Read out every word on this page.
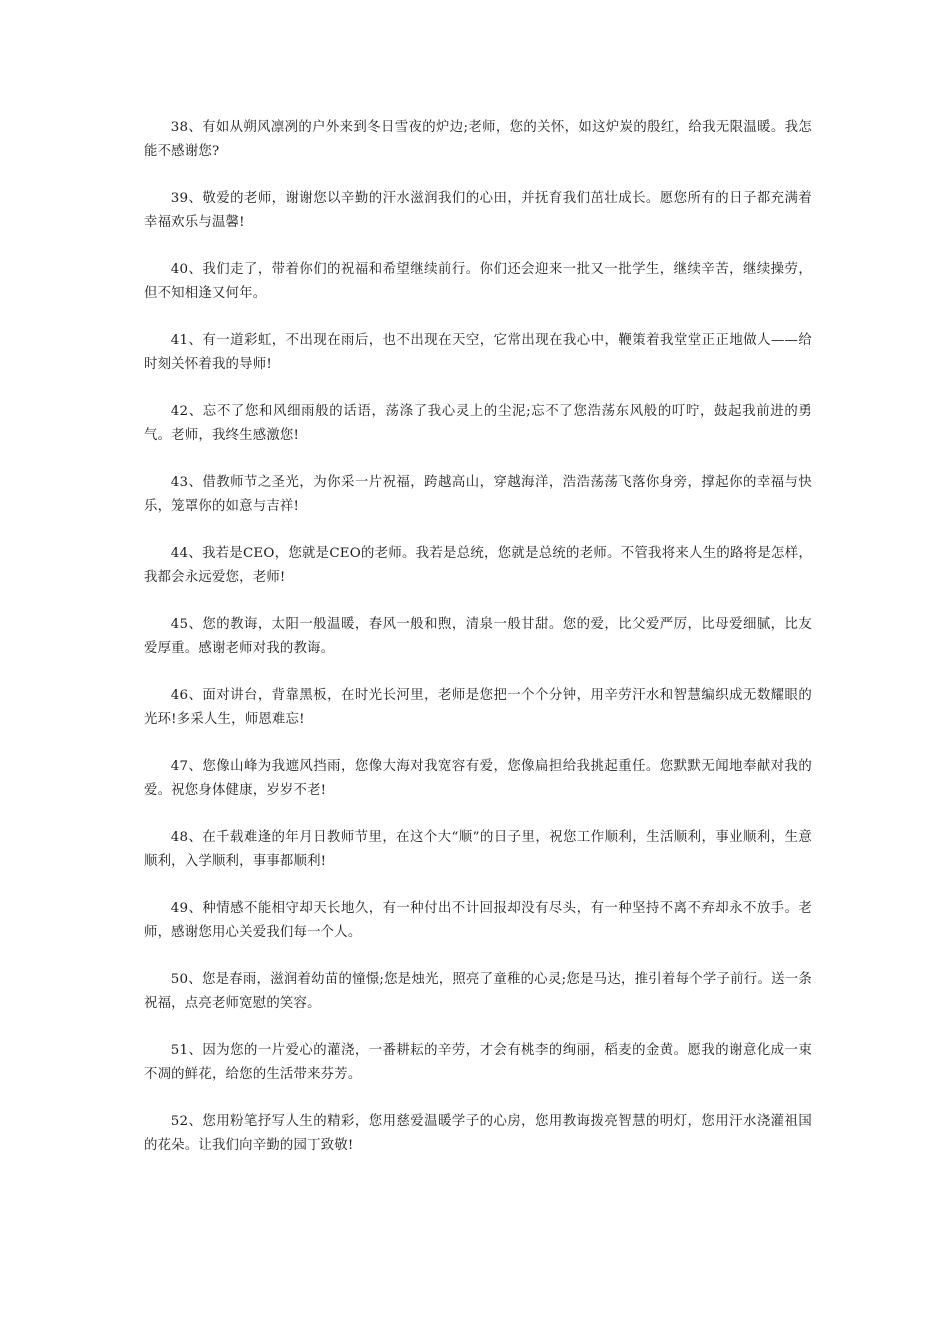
38、有如从朔风凛冽的户外来到冬日雪夜的炉边;老师，您的关怀，如这炉炭的殷红，给我无限温暖。我怎能不感谢您?

39、敬爱的老师，谢谢您以辛勤的汗水滋润我们的心田，并抚育我们茁壮成长。愿您所有的日子都充满着幸福欢乐与温馨!

40、我们走了，带着你们的祝福和希望继续前行。你们还会迎来一批又一批学生，继续辛苦，继续操劳，但不知相逢又何年。

41、有一道彩虹，不出现在雨后，也不出现在天空，它常出现在我心中，鞭策着我堂堂正正地做人——给时刻关怀着我的导师!

42、忘不了您和风细雨般的话语，荡涤了我心灵上的尘泥;忘不了您浩荡东风般的叮咛，鼓起我前进的勇气。老师，我终生感激您!

43、借教师节之圣光，为你采一片祝福，跨越高山，穿越海洋，浩浩荡荡飞落你身旁，撑起你的幸福与快乐，笼罩你的如意与吉祥!

44、我若是CEO，您就是CEO的老师。我若是总统，您就是总统的老师。不管我将来人生的路将是怎样，我都会永远爱您，老师!

45、您的教诲，太阳一般温暖，春风一般和煦，清泉一般甘甜。您的爱，比父爱严厉，比母爱细腻，比友爱厚重。感谢老师对我的教诲。

46、面对讲台，背靠黑板，在时光长河里，老师是您把一个个分钟，用辛劳汗水和智慧编织成无数耀眼的光环!多采人生，师恩难忘!

47、您像山峰为我遮风挡雨，您像大海对我宽容有爱，您像扁担给我挑起重任。您默默无闻地奉献对我的爱。祝您身体健康，岁岁不老!

48、在千载难逢的年月日教师节里，在这个大“顺”的日子里，祝您工作顺利，生活顺利，事业顺利，生意顺利，入学顺利，事事都顺利!

49、种情感不能相守却天长地久，有一种付出不计回报却没有尽头，有一种坚持不离不弃却永不放手。老师，感谢您用心关爱我们每一个人。

50、您是春雨，滋润着幼苗的憧憬;您是烛光，照亮了童稚的心灵;您是马达，推引着每个学子前行。送一条祝福，点亮老师宽慰的笑容。

51、因为您的一片爱心的灌浇，一番耕耘的辛劳，才会有桃李的绚丽，稻麦的金黄。愿我的谢意化成一束不凋的鲜花，给您的生活带来芬芳。

52、您用粉笔抒写人生的精彩，您用慈爱温暖学子的心房，您用教诲拨亮智慧的明灯，您用汗水浇灌祖国的花朵。让我们向辛勤的园丁致敬!
